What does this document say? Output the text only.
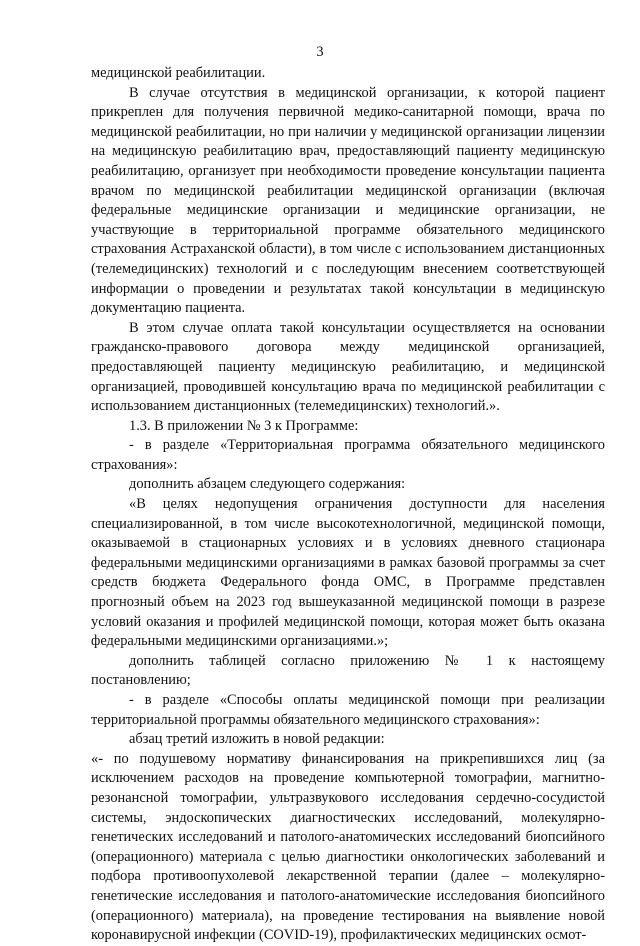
3

медицинской реабилитации.

В случае отсутствия в медицинской организации, к которой пациент прикреплен для получения первичной медико-санитарной помощи, врача по медицинской реабилитации, но при наличии у медицинской организации лицензии на медицинскую реабилитацию врач, предоставляющий пациенту медицинскую реабилитацию, организует при необходимости проведение консультации пациента врачом по медицинской реабилитации медицинской организации (включая федеральные медицинские организации и медицинские организации, не участвующие в территориальной программе обязательного медицинского страхования Астраханской области), в том числе с использованием дистанционных (телемедицинских) технологий и с последующим внесением соответствующей информации о проведении и результатах такой консультации в медицинскую документацию пациента.

В этом случае оплата такой консультации осуществляется на основании гражданско-правового договора между медицинской организацией, предоставляющей пациенту медицинскую реабилитацию, и медицинской организацией, проводившей консультацию врача по медицинской реабилитации с использованием дистанционных (телемедицинских) технологий.».

1.3. В приложении № 3 к Программе:

- в разделе «Территориальная программа обязательного медицинского страхования»:

дополнить абзацем следующего содержания:

«В целях недопущения ограничения доступности для населения специализированной, в том числе высокотехнологичной, медицинской помощи, оказываемой в стационарных условиях и в условиях дневного стационара федеральными медицинскими организациями в рамках базовой программы за счет средств бюджета Федерального фонда ОМС, в Программе представлен прогнозный объем на 2023 год вышеуказанной медицинской помощи в разрезе условий оказания и профилей медицинской помощи, которая может быть оказана федеральными медицинскими организациями.»;

дополнить таблицей согласно приложению № 1 к настоящему постановлению;

- в разделе «Способы оплаты медицинской помощи при реализации территориальной программы обязательного медицинского страхования»:

абзац третий изложить в новой редакции:

«- по подушевому нормативу финансирования на прикрепившихся лиц (за исключением расходов на проведение компьютерной томографии, магнитно-резонансной томографии, ультразвукового исследования сердечно-сосудистой системы, эндоскопических диагностических исследований, молекулярно-генетических исследований и патолого-анатомических исследований биопсийного (операционного) материала с целью диагностики онкологических заболеваний и подбора противоопухолевой лекарственной терапии (далее – молекулярно-генетические исследования и патолого-анатомические исследования биопсийного (операционного) материала), на проведение тестирования на выявление новой коронавирусной инфекции (COVID-19), профилактических медицинских осмот-
